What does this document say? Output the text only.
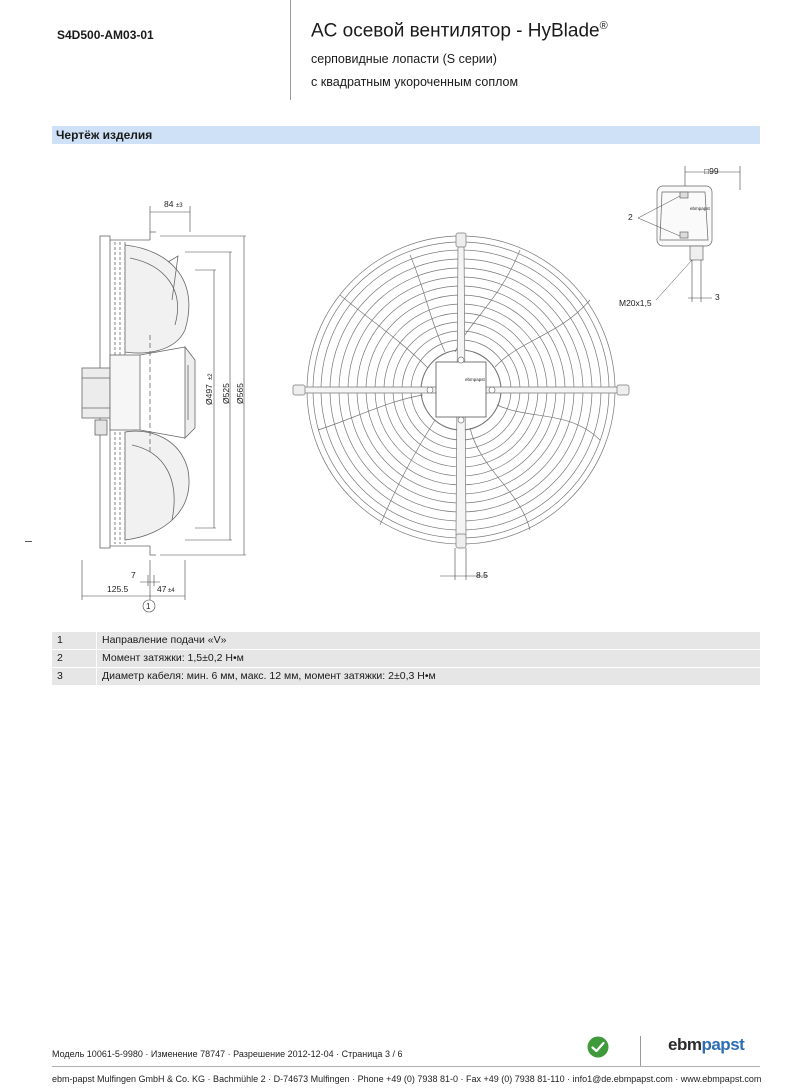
S4D500-AM03-01	AC осевой вентилятор - HyBlade®
серповидные лопасти (S серии)
с квадратным укороченным соплом
Чертёж изделия
84 ±3
7
125.5	47 ±4
1
Ø497
±2
Ø525 Ø565
ebmpapst
8.5
□99
2
ebmpapst
M20x1,5
3
1	Направление подачи «V»
2	Момент затяжки: 1,5±0,2 Н•м
3	Диаметр кабеля: мин. 6 мм, макс. 12 мм, момент затяжки: 2±0,3 Н•м
Модель 10061-5-9980 · Изменение 78747 · Разрешение 2012-12-04 · Страница 3 / 6	ebmpapst
ebm-papst Mulfingen GmbH & Co. KG · Bachmühle 2 · D-74673 Mulfingen · Phone +49 (0) 7938 81-0 · Fax +49 (0) 7938 81-110 · info1@de.ebmpapst.com · www.ebmpapst.com
